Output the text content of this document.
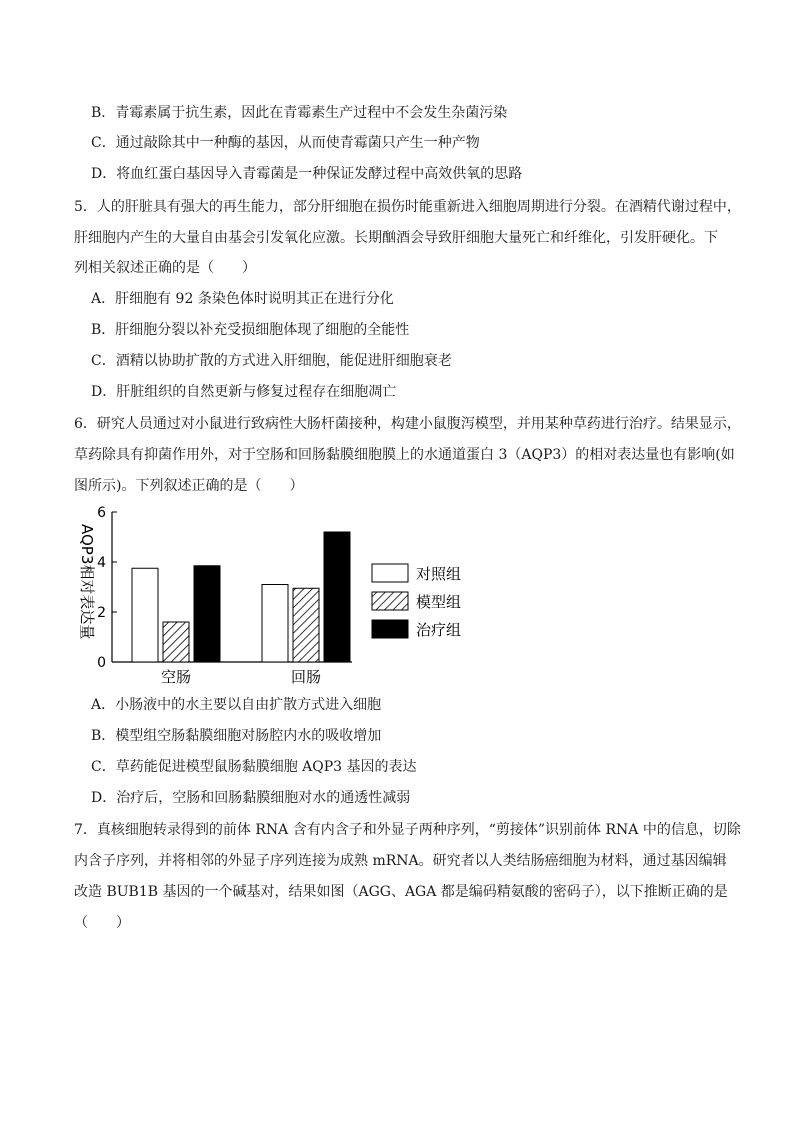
B．青霉素属于抗生素，因此在青霉素生产过程中不会发生杂菌污染
C．通过敲除其中一种酶的基因，从而使青霉菌只产生一种产物
D．将血红蛋白基因导入青霉菌是一种保证发酵过程中高效供氧的思路
5．人的肝脏具有强大的再生能力，部分肝细胞在损伤时能重新进入细胞周期进行分裂。在酒精代谢过程中，
肝细胞内产生的大量自由基会引发氧化应激。长期酗酒会导致肝细胞大量死亡和纤维化，引发肝硬化。下
列相关叙述正确的是（　　）
A．肝细胞有 92 条染色体时说明其正在进行分化
B．肝细胞分裂以补充受损细胞体现了细胞的全能性
C．酒精以协助扩散的方式进入肝细胞，能促进肝细胞衰老
D．肝脏组织的自然更新与修复过程存在细胞凋亡
6．研究人员通过对小鼠进行致病性大肠杆菌接种，构建小鼠腹泻模型，并用某种草药进行治疗。结果显示，
草药除具有抑菌作用外，对于空肠和回肠黏膜细胞膜上的水通道蛋白 3（AQP3）的相对表达量也有影响(如
图所示)。下列叙述正确的是（　　）
AQP3相对表达量
0
2
4
6
空肠	回肠
对照组
模型组
治疗组
A．小肠液中的水主要以自由扩散方式进入细胞
B．模型组空肠黏膜细胞对肠腔内水的吸收增加
C．草药能促进模型鼠肠黏膜细胞 AQP3 基因的表达
D．治疗后，空肠和回肠黏膜细胞对水的通透性减弱
7．真核细胞转录得到的前体 RNA 含有内含子和外显子两种序列，“剪接体”识别前体 RNA 中的信息，切除
内含子序列，并将相邻的外显子序列连接为成熟 mRNA。研究者以人类结肠癌细胞为材料，通过基因编辑
改造 BUB1B 基因的一个碱基对，结果如图（AGG、AGA 都是编码精氨酸的密码子），以下推断正确的是
（　　）
